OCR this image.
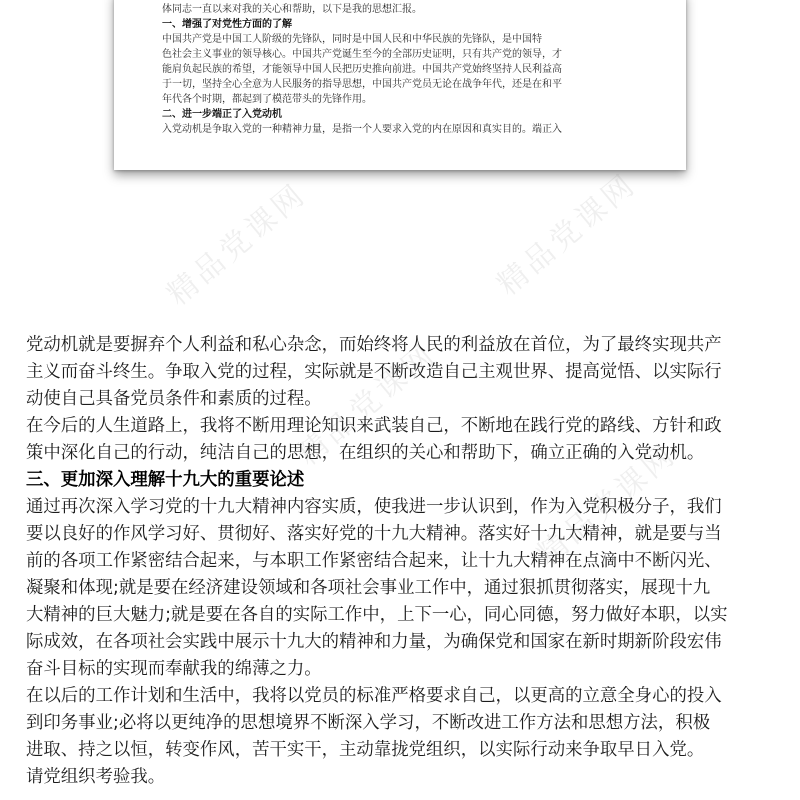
体同志一直以来对我的关心和帮助，以下是我的思想汇报。

一、增强了对党性方面的了解

中国共产党是中国工人阶级的先锋队，同时是中国人民和中华民族的先锋队，是中国特

色社会主义事业的领导核心。中国共产党诞生至今的全部历史证明，只有共产党的领导，才

能肩负起民族的希望，才能领导中国人民把历史推向前进。中国共产党始终坚持人民利益高

于一切，坚持全心全意为人民服务的指导思想，中国共产党员无论在战争年代，还是在和平

年代各个时期，都起到了模范带头的先锋作用。

二、进一步端正了入党动机

入党动机是争取入党的一种精神力量，是指一个人要求入党的内在原因和真实目的。端正入

精品党课网	精品党课网
精品党课网
精品党课网

党动机就是要摒弃个人利益和私心杂念，而始终将人民的利益放在首位，为了最终实现共产

主义而奋斗终生。争取入党的过程，实际就是不断改造自己主观世界、提高觉悟、以实际行

动使自己具备党员条件和素质的过程。

在今后的人生道路上，我将不断用理论知识来武装自己，不断地在践行党的路线、方针和政

策中深化自己的行动，纯洁自己的思想，在组织的关心和帮助下，确立正确的入党动机。

三、更加深入理解十九大的重要论述

通过再次深入学习党的十九大精神内容实质，使我进一步认识到，作为入党积极分子，我们

要以良好的作风学习好、贯彻好、落实好党的十九大精神。落实好十九大精神，就是要与当

前的各项工作紧密结合起来，与本职工作紧密结合起来，让十九大精神在点滴中不断闪光、

凝聚和体现;就是要在经济建设领域和各项社会事业工作中，通过狠抓贯彻落实，展现十九

大精神的巨大魅力;就是要在各自的实际工作中，上下一心，同心同德，努力做好本职，以实

际成效，在各项社会实践中展示十九大的精神和力量，为确保党和国家在新时期新阶段宏伟

奋斗目标的实现而奉献我的绵薄之力。

在以后的工作计划和生活中，我将以党员的标准严格要求自己，以更高的立意全身心的投入

到印务事业;必将以更纯净的思想境界不断深入学习，不断改进工作方法和思想方法，积极

进取、持之以恒，转变作风，苦干实干，主动靠拢党组织，以实际行动来争取早日入党。

请党组织考验我。
